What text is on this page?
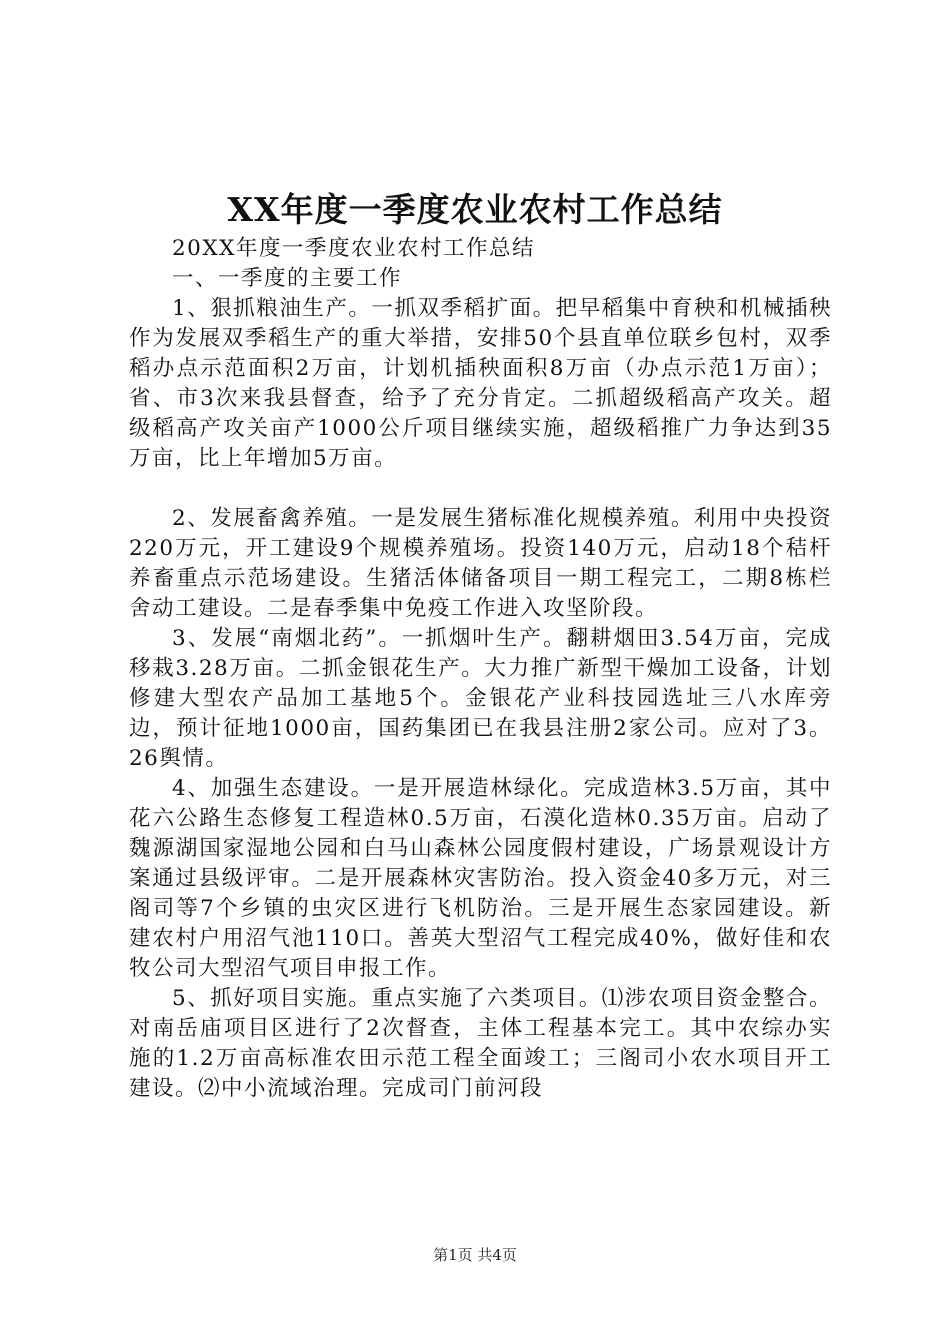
XX年度一季度农业农村工作总结

20XX年度一季度农业农村工作总结

一、一季度的主要工作

1、狠抓粮油生产。一抓双季稻扩面。把早稻集中育秧和机械插秧作为发展双季稻生产的重大举措，安排50个县直单位联乡包村，双季稻办点示范面积2万亩，计划机插秧面积8万亩（办点示范1万亩）；省、市3次来我县督查，给予了充分肯定。二抓超级稻高产攻关。超级稻高产攻关亩产1000公斤项目继续实施，超级稻推广力争达到35万亩，比上年增加5万亩。

2、发展畜禽养殖。一是发展生猪标准化规模养殖。利用中央投资220万元，开工建设9个规模养殖场。投资140万元，启动18个秸杆养畜重点示范场建设。生猪活体储备项目一期工程完工，二期8栋栏舍动工建设。二是春季集中免疫工作进入攻坚阶段。

3、发展“南烟北药”。一抓烟叶生产。翻耕烟田3.54万亩，完成移栽3.28万亩。二抓金银花生产。大力推广新型干燥加工设备，计划修建大型农产品加工基地5个。金银花产业科技园选址三八水库旁边，预计征地1000亩，国药集团已在我县注册2家公司。应对了3。26舆情。

4、加强生态建设。一是开展造林绿化。完成造林3.5万亩，其中花六公路生态修复工程造林0.5万亩，石漠化造林0.35万亩。启动了魏源湖国家湿地公园和白马山森林公园度假村建设，广场景观设计方案通过县级评审。二是开展森林灾害防治。投入资金40多万元，对三阁司等7个乡镇的虫灾区进行飞机防治。三是开展生态家园建设。新建农村户用沼气池110口。善英大型沼气工程完成40%，做好佳和农牧公司大型沼气项目申报工作。

5、抓好项目实施。重点实施了六类项目。⑴涉农项目资金整合。对南岳庙项目区进行了2次督查，主体工程基本完工。其中农综办实施的1.2万亩高标准农田示范工程全面竣工；三阁司小农水项目开工建设。⑵中小流域治理。完成司门前河段

第1页 共4页
